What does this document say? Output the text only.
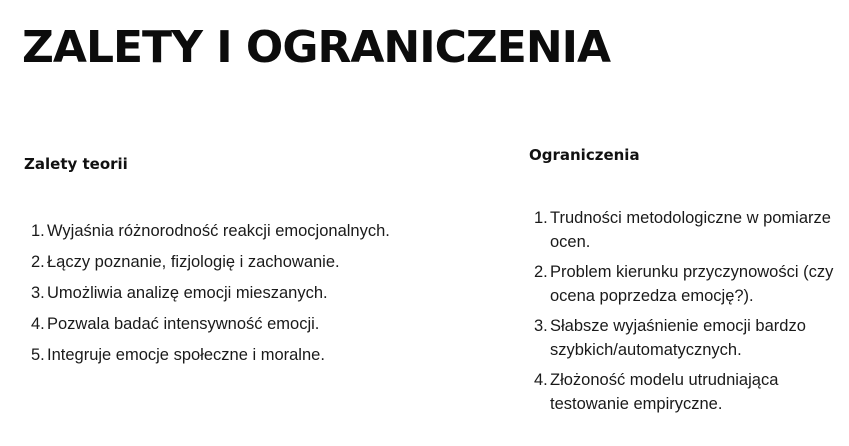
ZALETY I OGRANICZENIA
Zalety teorii
1. Wyjaśnia różnorodność reakcji emocjonalnych.
2. Łączy poznanie, fizjologię i zachowanie.
3. Umożliwia analizę emocji mieszanych.
4. Pozwala badać intensywność emocji.
5. Integruje emocje społeczne i moralne.
Ograniczenia
1. Trudności metodologiczne w pomiarze ocen.
2. Problem kierunku przyczynowości (czy ocena poprzedza emocję?).
3. Słabsze wyjaśnienie emocji bardzo szybkich/automatycznych.
4. Złożoność modelu utrudniająca testowanie empiryczne.
